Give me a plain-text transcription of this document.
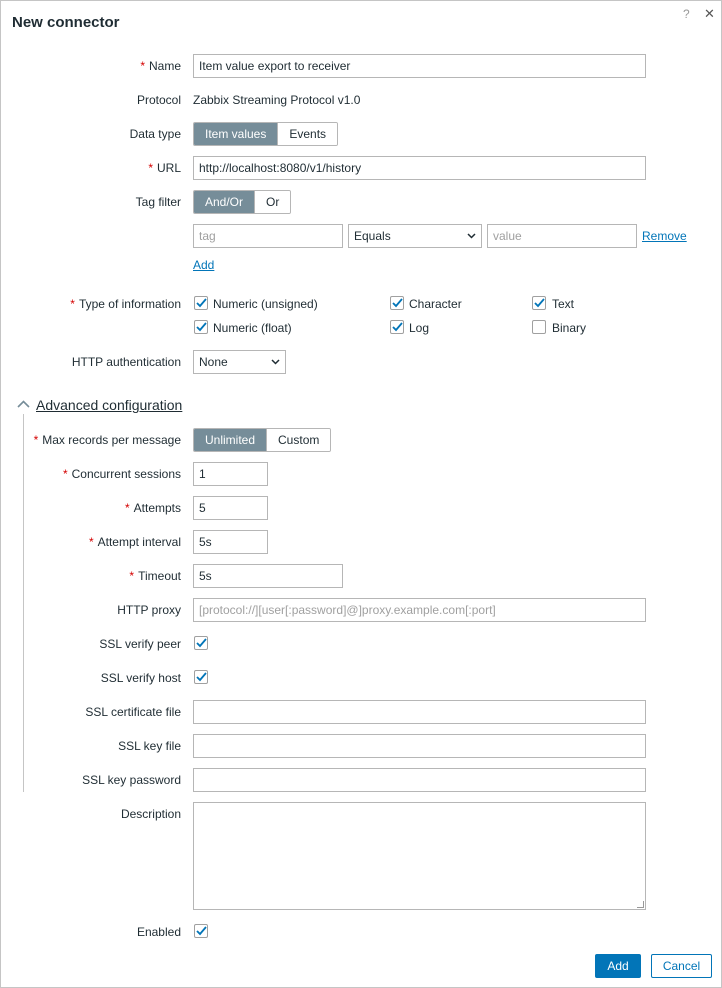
New connector	? ✕
* Name	Item value export to receiver
Protocol Zabbix Streaming Protocol v1.0
Data type	Item values	Events
* URL	http://localhost:8080/v1/history
Tag filter	And/Or	Or
tag	Equals	value	Remove
Add
* Type of information	Numeric (unsigned)	Character	Text
Numeric (float)	Log	Binary
HTTP authentication	None
Advanced configuration
* Max records per message	Unlimited	Custom
* Concurrent sessions	1
* Attempts	5
* Attempt interval	5s
* Timeout	5s
HTTP proxy	[protocol://][user[:password]@]proxy.example.com[:port]
SSL verify peer
SSL verify host
SSL certificate file
SSL key file
SSL key password
Description
Enabled
Add	Cancel
